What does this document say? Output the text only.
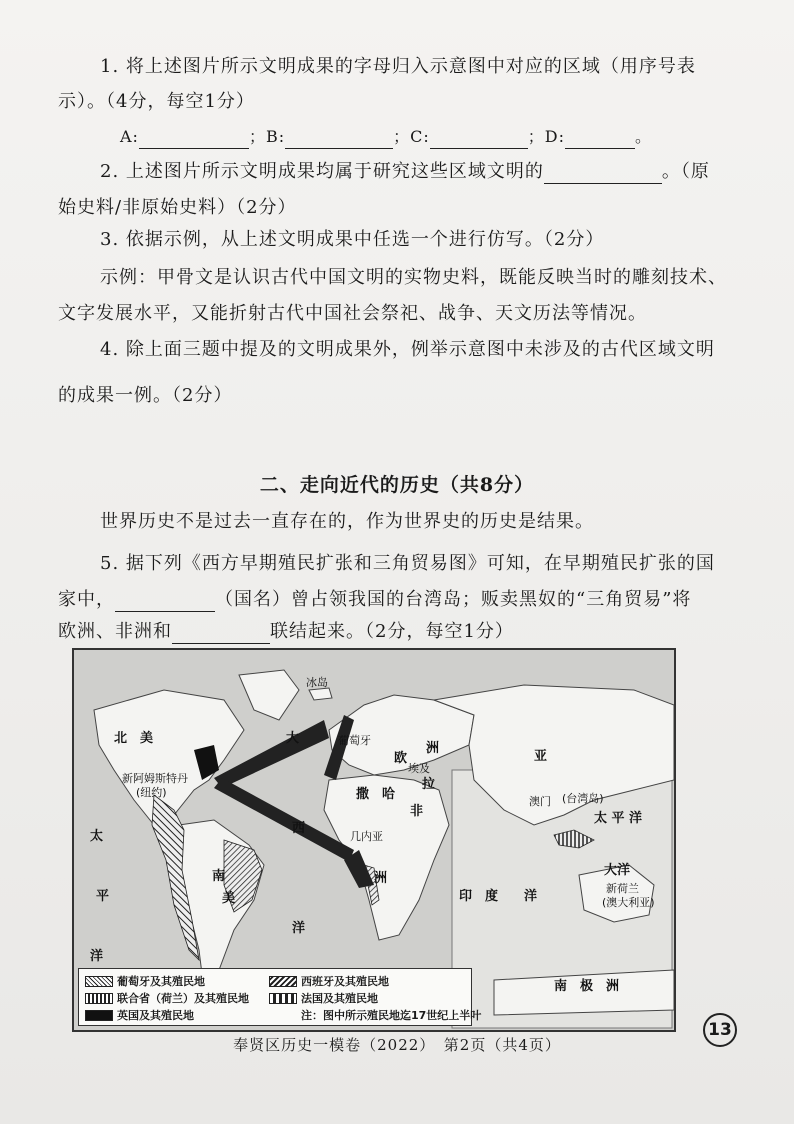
1. 将上述图片所示文明成果的字母归入示意图中对应的区域（用序号表
示）。（4分，每空1分）
A:	；B:	；C:	；D:	。
2. 上述图片所示文明成果均属于研究这些区域文明的	。（原
始史料/非原始史料）（2分）
3. 依据示例，从上述文明成果中任选一个进行仿写。（2分）
示例：甲骨文是认识古代中国文明的实物史料，既能反映当时的雕刻技术、
文字发展水平，又能折射古代中国社会祭祀、战争、天文历法等情况。
4. 除上面三题中提及的文明成果外，例举示意图中未涉及的古代区域文明
的成果一例。（2分）
二、走向近代的历史（共8分）
世界历史不是过去一直存在的，作为世界史的历史是结果。
5. 据下列《西方早期殖民扩张和三角贸易图》可知，在早期殖民扩张的国
家中，	（国名）曾占领我国的台湾岛；贩卖黑奴的“三角贸易”将
欧洲、非洲和	联结起来。（2分，每空1分）
冰岛
北　美
新阿姆斯特丹
(纽约)
大
西
洋
欧
洲
葡萄牙
撒 哈
拉
埃及
非
洲
几内亚
亚
澳门 (台湾岛)
太 平 洋
太
平
洋
南
美	印　度 洋
大洋
新荷兰
(澳大利亚)
南　极　洲
葡萄牙及其殖民地
联合省（荷兰）及其殖民地
英国及其殖民地
西班牙及其殖民地
法国及其殖民地
注：图中所示殖民地迄17世纪上半叶
13
奉贤区历史一模卷（2022）　第2页（共4页）
